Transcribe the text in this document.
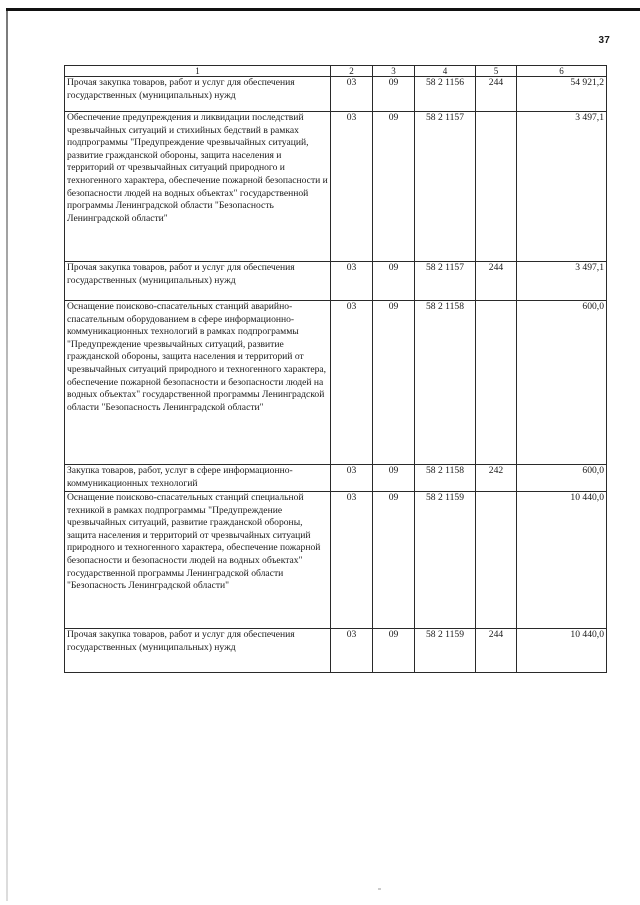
37
1	2	3	4	5	6
Прочая закупка товаров, работ и услуг для обеспечения государственных (муниципальных) нужд	03	09	58 2 1156	244	54 921,2
Обеспечение предупреждения и ликвидации последствий чрезвычайных ситуаций и стихийных бедствий в рамках подпрограммы "Предупреждение чрезвычайных ситуаций, развитие гражданской обороны, защита населения и территорий от чрезвычайных ситуаций природного и техногенного характера, обеспечение пожарной безопасности и безопасности людей на водных объектах" государственной программы Ленинградской области "Безопасность Ленинградской области"	03	09	58 2 1157		3 497,1
Прочая закупка товаров, работ и услуг для обеспечения государственных (муниципальных) нужд	03	09	58 2 1157	244	3 497,1
Оснащение поисково-спасательных станций аварийно-спасательным оборудованием в сфере информационно-коммуникационных технологий в рамках подпрограммы "Предупреждение чрезвычайных ситуаций, развитие гражданской обороны, защита населения и территорий от чрезвычайных ситуаций природного и техногенного характера, обеспечение пожарной безопасности и безопасности людей на водных объектах" государственной программы Ленинградской области "Безопасность Ленинградской области"	03	09	58 2 1158		600,0
Закупка товаров, работ, услуг в сфере информационно-коммуникационных технологий	03	09	58 2 1158	242	600,0
Оснащение поисково-спасательных станций специальной техникой в рамках подпрограммы "Предупреждение чрезвычайных ситуаций, развитие гражданской обороны, защита населения и территорий от чрезвычайных ситуаций природного и техногенного характера, обеспечение пожарной безопасности и безопасности людей на водных объектах" государственной программы Ленинградской области "Безопасность Ленинградской области"	03	09	58 2 1159		10 440,0
Прочая закупка товаров, работ и услуг для обеспечения государственных (муниципальных) нужд	03	09	58 2 1159	244	10 440,0
